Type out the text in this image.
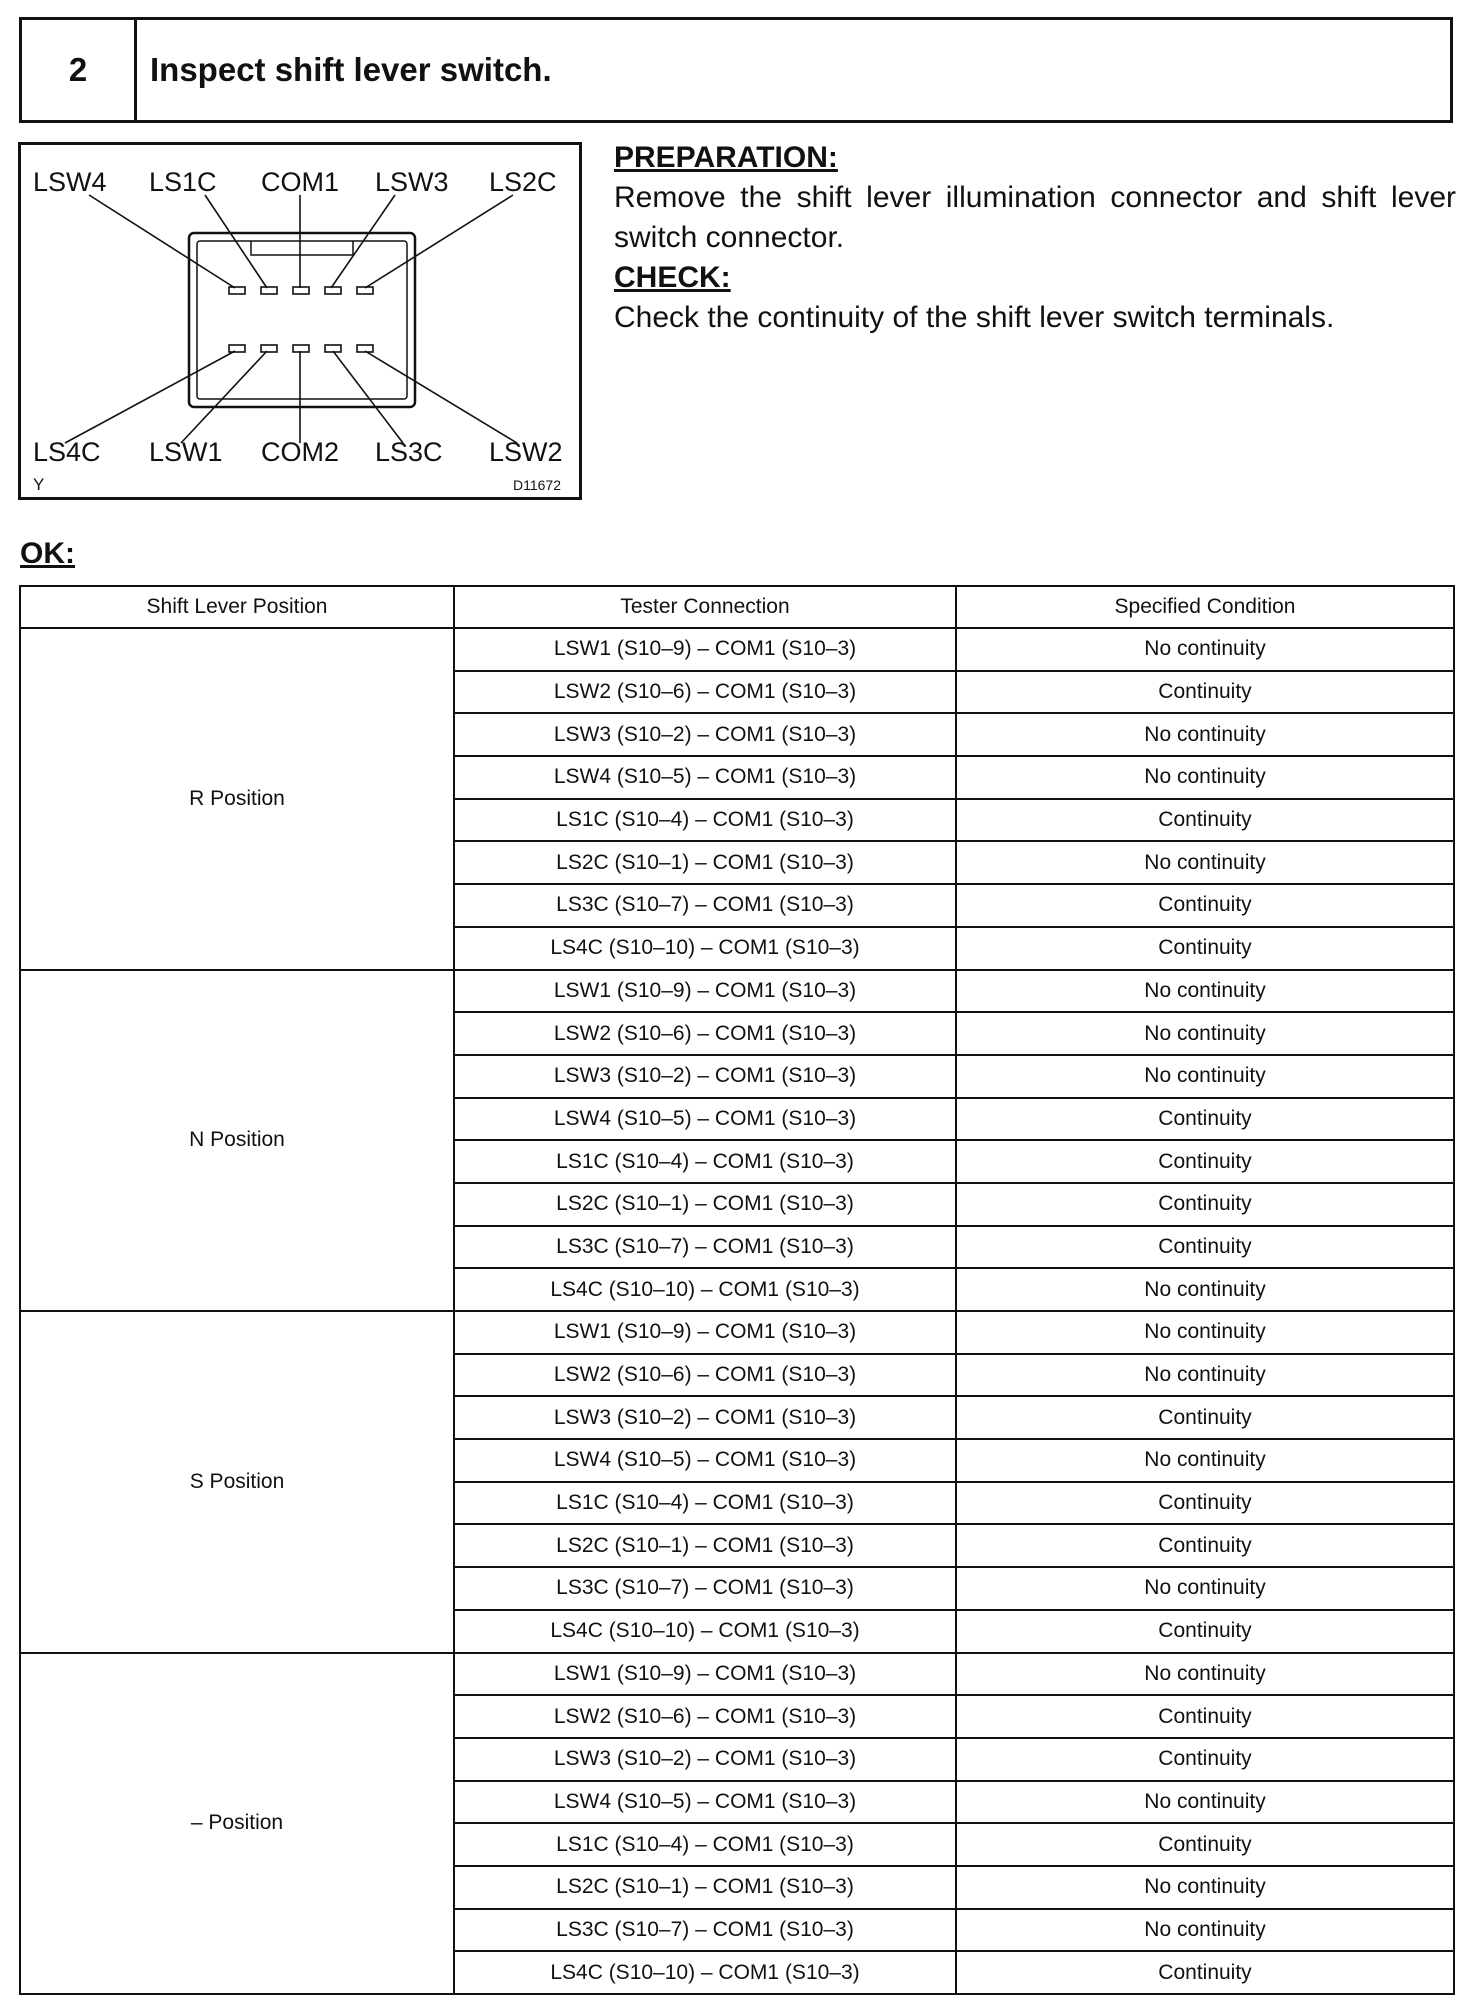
2	Inspect shift lever switch.
LSW4 LS1C COM1 LSW3 LS2C
LS4C LSW1 COM2 LS3C LSW2
Y	D11672
PREPARATION:
Remove the shift lever illumination connector and shift lever switch connector.
CHECK:
Check the continuity of the shift lever switch terminals.
OK:
Shift Lever Position	Tester Connection	Specified Condition
R Position	LSW1 (S10–9) – COM1 (S10–3)	No continuity
	LSW2 (S10–6) – COM1 (S10–3)	Continuity
	LSW3 (S10–2) – COM1 (S10–3)	No continuity
	LSW4 (S10–5) – COM1 (S10–3)	No continuity
	LS1C (S10–4) – COM1 (S10–3)	Continuity
	LS2C (S10–1) – COM1 (S10–3)	No continuity
	LS3C (S10–7) – COM1 (S10–3)	Continuity
	LS4C (S10–10) – COM1 (S10–3)	Continuity
N Position	LSW1 (S10–9) – COM1 (S10–3)	No continuity
	LSW2 (S10–6) – COM1 (S10–3)	No continuity
	LSW3 (S10–2) – COM1 (S10–3)	No continuity
	LSW4 (S10–5) – COM1 (S10–3)	Continuity
	LS1C (S10–4) – COM1 (S10–3)	Continuity
	LS2C (S10–1) – COM1 (S10–3)	Continuity
	LS3C (S10–7) – COM1 (S10–3)	Continuity
	LS4C (S10–10) – COM1 (S10–3)	No continuity
S Position	LSW1 (S10–9) – COM1 (S10–3)	No continuity
	LSW2 (S10–6) – COM1 (S10–3)	No continuity
	LSW3 (S10–2) – COM1 (S10–3)	Continuity
	LSW4 (S10–5) – COM1 (S10–3)	No continuity
	LS1C (S10–4) – COM1 (S10–3)	Continuity
	LS2C (S10–1) – COM1 (S10–3)	Continuity
	LS3C (S10–7) – COM1 (S10–3)	No continuity
	LS4C (S10–10) – COM1 (S10–3)	Continuity
– Position	LSW1 (S10–9) – COM1 (S10–3)	No continuity
	LSW2 (S10–6) – COM1 (S10–3)	Continuity
	LSW3 (S10–2) – COM1 (S10–3)	Continuity
	LSW4 (S10–5) – COM1 (S10–3)	No continuity
	LS1C (S10–4) – COM1 (S10–3)	Continuity
	LS2C (S10–1) – COM1 (S10–3)	No continuity
	LS3C (S10–7) – COM1 (S10–3)	No continuity
	LS4C (S10–10) – COM1 (S10–3)	Continuity
